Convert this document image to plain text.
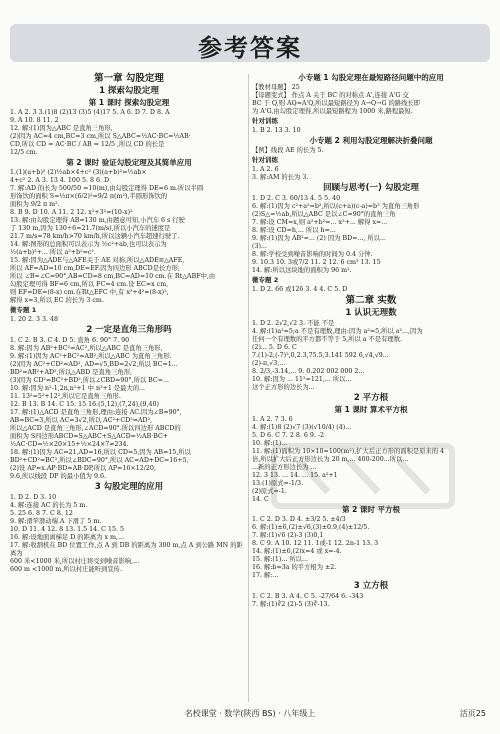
参考答案
第一章 勾股定理
1 探索勾股定理
第 1 课时 探索勾股定理
1. A 2. 3 3.(1)8 (2)13 (3)5 (4)17 5. A 6. D 7. D 8. A
9. A 10. 8 11. 2
12. 解:(1)因为△ABC 是直角三角形,
(2)因为 AC=4 cm,BC=3 cm,所以 S△ABC=½AC·BC=½AB·
CD,所以 CD = AC·BC / AB = 12/5 ,所以 CD 的长是
12/5 cm.
第 2 课时 验证勾股定理及其简单应用
1.(1)(a+b)² (2)½ab×4+c² (3)(a+b)²=½ab×
4+c² 2. A 3. 13 4. 100 5. 8 6. D
7. 解:AD 的长为 500/50 =10(m),由勾股定理得 DE=6 m.所以半圆
形饰饮的面积 S=½π×(6/2)²=9/2 π(m²),半圆形饰饮的
面积为 9/2 π m².
8. B 9. D 10. A 11. 2 12. x²+3²=(10-x)²
13. 解:由勾股定理得 AB=130 m,由题意可知,小汽车 6 s 行驶
了 130 m,因为 130÷6≈21.7(m/s),所以小汽车的速度是
21.7 m/s=78 km/h>70 km/h,所以这辆小汽车超速行驶了.
14. 解:图形的总面积可以表示为 ½c²+ab,也可以表示为
½(a+b)²+... 所以 a²+b²=c².
15. 解:因为△ADE与△AFE关于 AE 对称,所以△ADE≌△AFE,
所以 AF=AD=10 cm,DE=EF.因为四边形 ABCD是长方形,
所以 ∠B=∠C=90°,AB=CD=8 cm,BC=AD=10 cm.在 Rt△ABF中,由
勾股定理可得 BF=6 cm,所以 FC=4 cm.设 EC=x cm,
则 EF=DE=(8-x) cm.在Rt△EFC 中,有 x²+4²=(8-x)²,
解得 x=3,所以 EC 的长为 3 cm.
微专题 1

1. 20 2. 3 3. 48
2 一定是直角三角形吗
1. C 2. B 3. C 4. D 5. 直角 6. 90° 7. 90
8. 解:因为 AB²+BC²=AC²,所以△ABC 是直角三角形,
9. 解:(1)因为 AC²+BC²=AB²,所以△ABC 为直角三角形.
(2)因为 AC²+CD²=AD², AD=√5,BD=2√2,所以 BC=1...
BD²=AB²+AD²,所以△ABD 是直角三角形,
(3)因为 CD²=BC²+BD²,所以∠CBD=90°,所以 BC=...
10. 解:因为 n²-1,2n,n²+1 中 n²+1 是最大的...
11. 13²=5²+12²,所以它是直角三角形.
12. B 13. B 14. C 15. 15 16.(5,12),(7,24),(9,40)
17. 解:(1)△ACD 是直角三角形,理由:连接 AC.因为∠B=90°,
AB=BC=3,所以 AC=3√2,所以 AC²+CD²=AD²,
所以△ACD 是直角三角形,∠ACD=90°.所以四边形 ABCD的
面积为 S四边形ABCD=S△ABC+S△ACD=½AB·BC+
½AC·CD=½×20×15+½×24×7=234.
18. 解:(1)因为 AC=21,AD=16,所以 CD=5,因为 AB=15,所以
BD²+CD²=BC²,所以∠BDC=90°,所以 AC=AD+DC=16+5,
(2)设 AP=x.AP·BD=AB·DP,所以 AP=16×12/20,
9.6,所以线段 DP 的最小值为 9.6.
3 勾股定理的应用
1. D 2. D 3. 10
4. 解:连接 AC 的长为 5 m.
5. 25 6. 8 7. C 8. 12
9. 解:滑竿滑动端 A 下滑了 5 m.
10. D 11. 4 12. 8 13. 1.5 14. C 15. 5
16. 解:设地面离梯足 D 的距离为 x m,...
17. 解:收割机在 BD 位置工作,点 A 到 DB 的距离为 300 m,点 A 到公路 MN 的距离为
600 米<1000 米,所以村庄将受到噪音影响,...
600 m <1000 m,所以村庄能听到宣传.
小专题 1 勾股定理在最短路径问题中的应用
【教材母题】 25
【母题变式】 作点 A 关于 BC 的对称点 A',连接 A'G 交
BC 于 Q,则 AQ=A'Q,所以最短路径为 A→Q→G 的路线长即
为 A'G,由勾股定理得,所以最短路程为 1000 米,路程最短.
针对训练

1. B 2. 13 3. 10
小专题 2 利用勾股定理解决折叠问题
【例】线段 AE 的长为 5.
针对训练

1. A 2. 6
3. 解:AM 的长为 3.
回顾与思考(一) 勾股定理
1. D 2. C 3. 60/13 4. 5 5. 40
6. 解:(1)因为 c²+a²=b²,所以(c+a)(c-a)=b² 为直角三角形
(2)S△=½ab,所以△ABC 是以∠C=90°的直角三角
7. 解:设 CM=x,则 a²+b²=... x²+... 解得 x=...
8. 解:设 CD=h,... 所以 h=...
9. 解:(1)因为 AB²=... (2) 因为 BD=..., 所以...
(3)...
8. 解:学校受到噪音影响的时间为 0.4 分钟.
9. 10.3 10. 3或7/2 11. 2 12. 6 cm² 13. 15
14. 解:所以这块地的面积为 96 m².
微专题 2

1. D 2. 66 或126 3. 4 4. C 5. D
第二章 实数
1 认识无理数
1. D 2. 2√2,√2 3. 不能 不是
4. 解:(1)a²=5;a 不是有理数,理由:因为 a²=5,所以 a²...,因为
任何一个有理数的平方都不等于 5,所以 a 不是有理数.
(2)... 5. D 6. C
7.(1)-2,(-7)²,0,2.3,75.5,3.141 592 6,√4,√9...
(2)-π,√3,...
8. 2/3,-3.14,... 9. 0.202 002 000 2...
10. 解:因为 ... 11²=121,... 所以...
这个正方形的边长为...
2 平方根
第 1 课时 算术平方根
1. A 2. 7 3. 6
4. 解:(1)8 (2)√7 (3)(√10/4) (4)...
5. D 6. C 7. 2 8. 6 9. -2
10. 解:(1)...
11. 解:(1)面积为 10×10=100(m²),扩大后正方形的面积是原来的 4
倍,所以扩大后正方形边长为 20 m,... 400-200...所以...
...新的正方形边长为 ...
12. 3 13. ... 14. ... 15. a²+1
13.(1)原式=-1/3.
(2)原式=-1.
14. C
第 2 课时 平方根
1. C 2. D 3. D 4. ±3/2 5. ±4/3
6. 解:(1)±6,(2)±√6,(3)±0.9,(4)±12/5.
7. 解:(1)√6 (2)-3 (3)0,1
8. C 9. A 10. 12 11. 1或-1 12. 2n-1 13. 3
14. 解:(1)±6,(2)x=4 或 x=-4.
15. 解:(1)... 所以...
16. 解:b=3a 的平方根为 ±2.
17. 解:...
3 立方根
1. C 2. B 3. A 4. C 5. -27/64 6. -343
7. 解:(1)∛2 (2)-5 (3)∛-13.
名校课堂 · 数学(陕西 BS) · 八年级上	活页25
